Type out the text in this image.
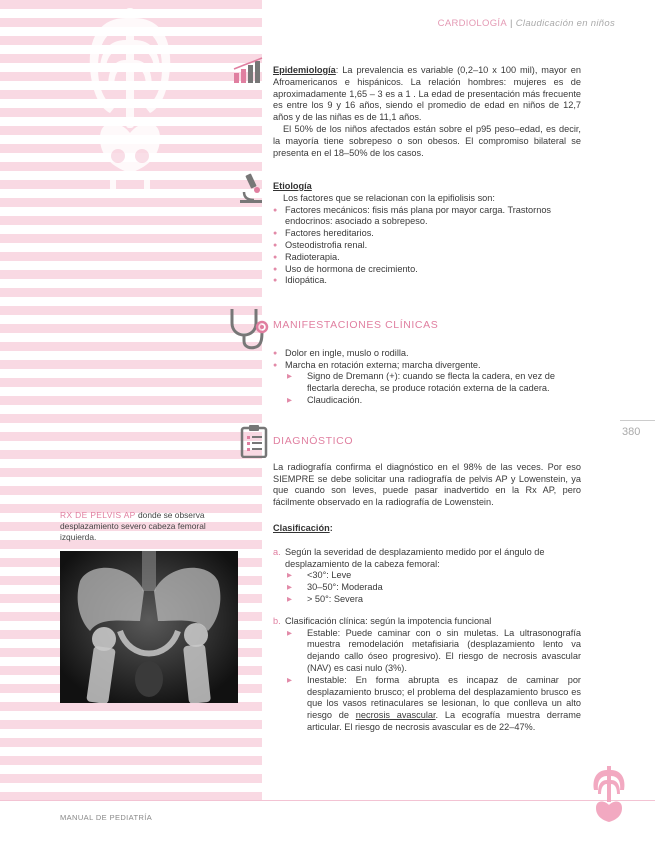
CARDIOLOGÍA | Claudicación en niños

Epidemiología: La prevalencia es variable (0,2–10 x 100 mil), mayor en Afroamericanos e hispánicos. La relación hombres: mujeres es de aproximadamente 1,65 – 3 es a 1 . La edad de presentación más frecuente es entre los 9 y 16 años, siendo el promedio de edad en niños de 12,7 años y de las niñas es de 11,1 años.

El 50% de los niños afectados están sobre el p95 peso–edad, es decir, la mayoría tiene sobrepeso o son obesos. El compromiso bilateral se presenta en el 18–50% de los casos.

Etiología

Los factores que se relacionan con la epifiolisis son:

● Factores mecánicos: fisis más plana por mayor carga. Trastornos endocrinos: asociado a sobrepeso.
● Factores hereditarios.
● Osteodistrofia renal.
● Radioterapia.
● Uso de hormona de crecimiento.
● Idiopática.
MANIFESTACIONES CLÍNICAS
● Dolor en ingle, muslo o rodilla.
● Marcha en rotación externa; marcha divergente.
▶ Signo de Dremann (+): cuando se flecta la cadera, en vez de flectarla derecha, se produce rotación externa de la cadera.
▶ Claudicación.
380
DIAGNÓSTICO

La radiografía confirma el diagnóstico en el 98% de las veces. Por eso SIEMPRE se debe solicitar una radiografía de pelvis AP y Lowenstein, ya que cuando son leves, puede pasar inadvertido en la Rx AP, pero fácilmente observado en la radiografía de Lowenstein.

Clasificación:

a. Según la severidad de desplazamiento medido por el ángulo de desplazamiento de la cabeza femoral:
▶ <30°: Leve
▶ 30–50°: Moderada
▶ > 50°: Severa
b. Clasificación clínica: según la impotencia funcional
▶ Estable: Puede caminar con o sin muletas. La ultrasonografía muestra remodelación metafisiaria (desplazamiento lento va dejando callo óseo progresivo). El riesgo de necrosis avascular (NAV) es casi nulo (3%).
▶ Inestable: En forma abrupta es incapaz de caminar por desplazamiento brusco; el problema del desplazamiento brusco es que los vasos retinaculares se lesionan, lo que conlleva un alto riesgo de necrosis avascular. La ecografía muestra derrame articular. El riesgo de necrosis avascular es de 22–47%.
RX DE PELVIS AP donde se observa desplazamiento severo cabeza femoral izquierda.
MANUAL DE PEDIATRÍA
